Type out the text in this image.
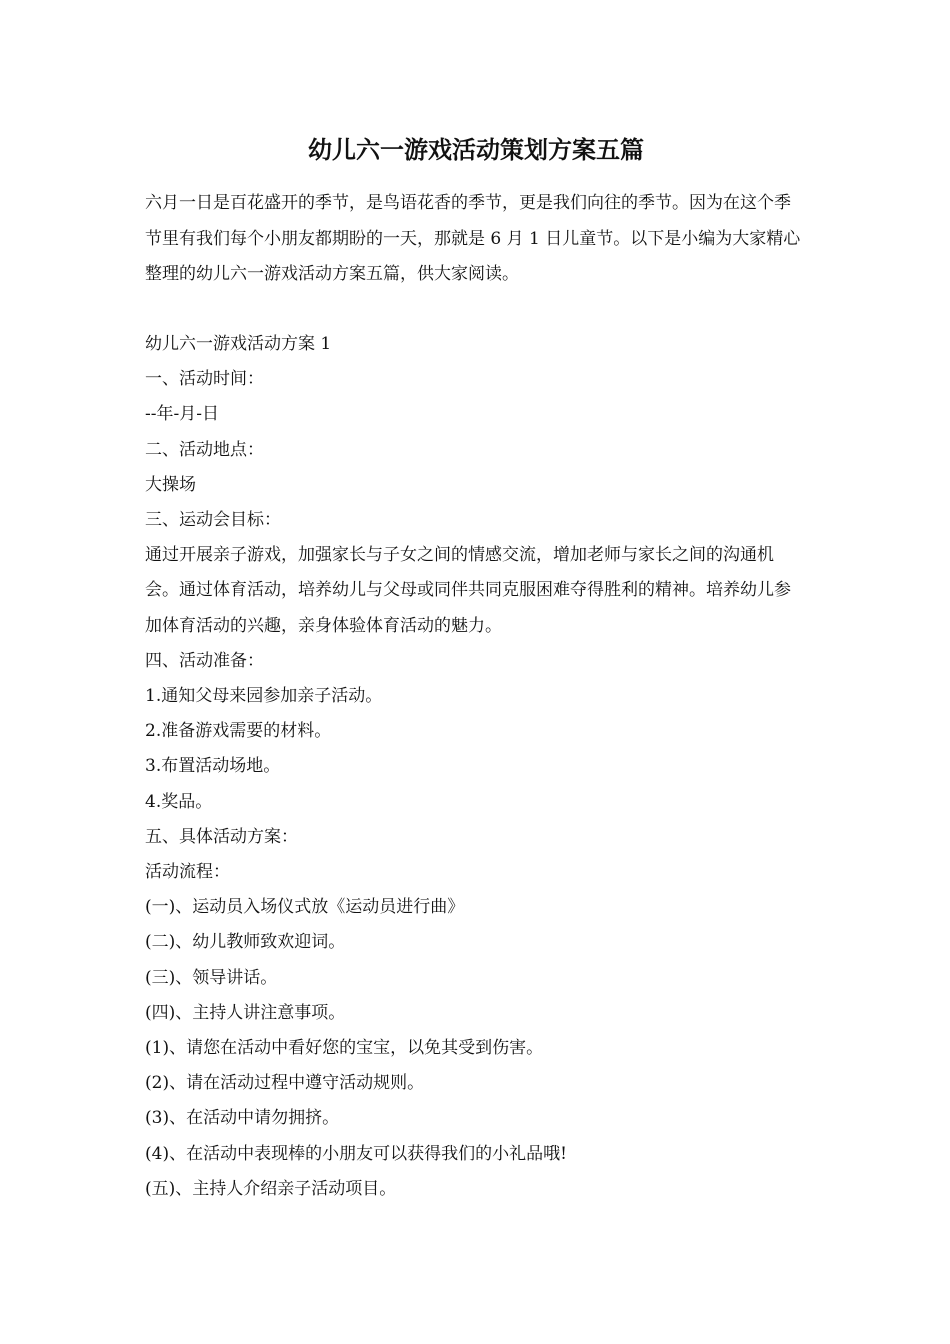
幼儿六一游戏活动策划方案五篇
六月一日是百花盛开的季节，是鸟语花香的季节，更是我们向往的季节。因为在这个季节里有我们每个小朋友都期盼的一天，那就是 6 月 1 日儿童节。以下是小编为大家精心整理的幼儿六一游戏活动方案五篇，供大家阅读。
幼儿六一游戏活动方案 1
一、活动时间：
--年-月-日
二、活动地点：
大操场
三、运动会目标：
通过开展亲子游戏，加强家长与子女之间的情感交流，增加老师与家长之间的沟通机会。通过体育活动，培养幼儿与父母或同伴共同克服困难夺得胜利的精神。培养幼儿参加体育活动的兴趣，亲身体验体育活动的魅力。
四、活动准备：
1.通知父母来园参加亲子活动。
2.准备游戏需要的材料。
3.布置活动场地。
4.奖品。
五、具体活动方案：
活动流程：
(一)、运动员入场仪式放《运动员进行曲》
(二)、幼儿教师致欢迎词。
(三)、领导讲话。
(四)、主持人讲注意事项。
(1)、请您在活动中看好您的宝宝，以免其受到伤害。
(2)、请在活动过程中遵守活动规则。
(3)、在活动中请勿拥挤。
(4)、在活动中表现棒的小朋友可以获得我们的小礼品哦!
(五)、主持人介绍亲子活动项目。
